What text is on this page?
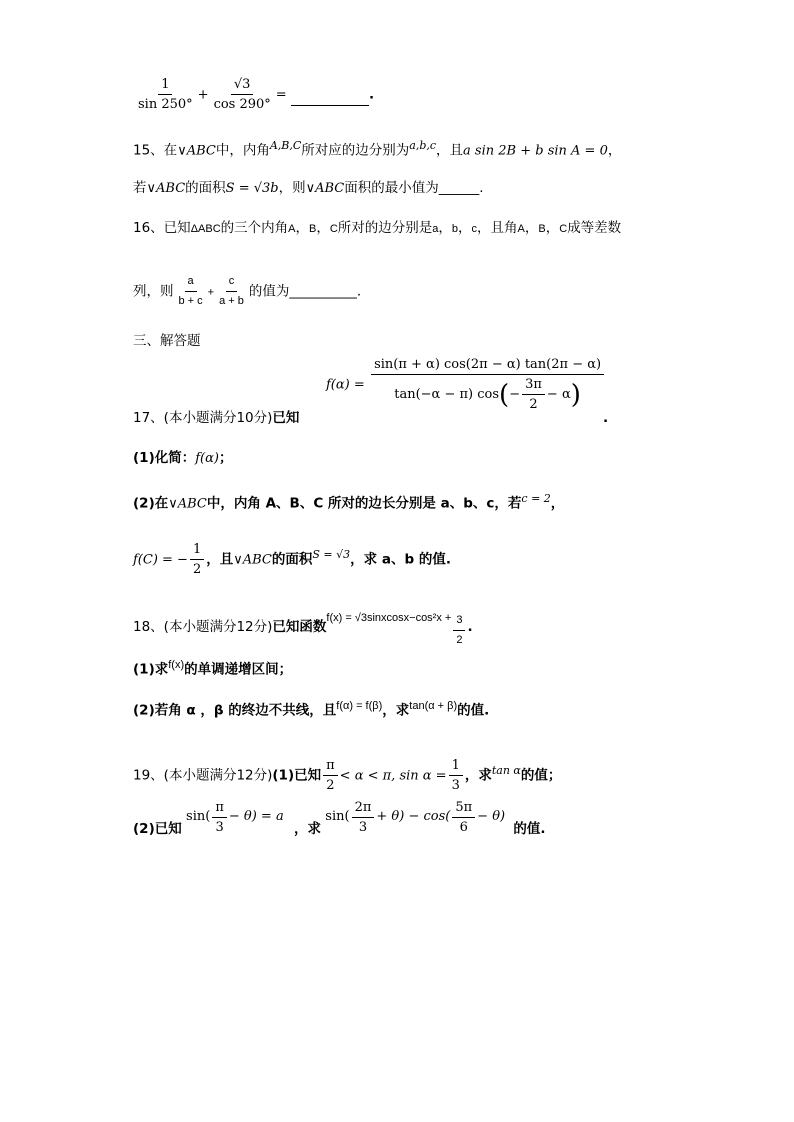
$\frac{1}{\sin 250^\circ} + \frac{√3}{\cos 290^\circ}$ =	.
15、在∨ABC中，内角$^{A,B,C}$所对应的边分别为$^{a,b,c}$，且a sin 2B + b sin A = 0，
若∨ABC的面积S = √3b，则∨ABC面积的最小值为______.
16、已知ΔABC的三个内角A，B，C所对的边分别是a，b，c，且角A，B，C成等差数
列，则 $\frac{a}{b + c} + \frac{c}{a + b}$ 的值为__________.
三、解答题
$f(\alpha) = \frac{\sin(\pi + \alpha) \cos(2\pi - \alpha) \tan(2\pi - \alpha)}{\tan(-\alpha - \pi) \cos ( - \frac{3\pi}{2} - \alpha )}$
17、(本小题满分10分)已知	.
(1)化简：f(α)；
(2)在∨ABC中，内角 A、B、C 所对的边长分别是 a、b、c，若$^{c = 2}$，
f(C) = − $\frac{1}{2}$ ，且∨ABC的面积$^{S = √3}$，求 a、b 的值.
18、(本小题满分12分)已知函数$^{f(x) = √3sinxcosx-cos^2x +} \frac{3}{2}$ .
(1)求$^{f(x)}$的单调递增区间；
(2)若角 α ，β 的终边不共线，且$^{f(\alpha) = f(\beta)}$，求$^{tan(\alpha + \beta)}$的值.
19、(本小题满分12分)(1)已知 $\frac{\pi}{2} < \alpha < \pi$, $\sin \alpha = \frac{1}{3}$ ，求$^{tan \alpha}$的值；
(2)已知
$\sin( \frac{\pi}{3} - \theta) = a$
，求
$\sin( \frac{2\pi}{3} + \theta) - \cos( \frac{5\pi}{6} - \theta)$
的值.
